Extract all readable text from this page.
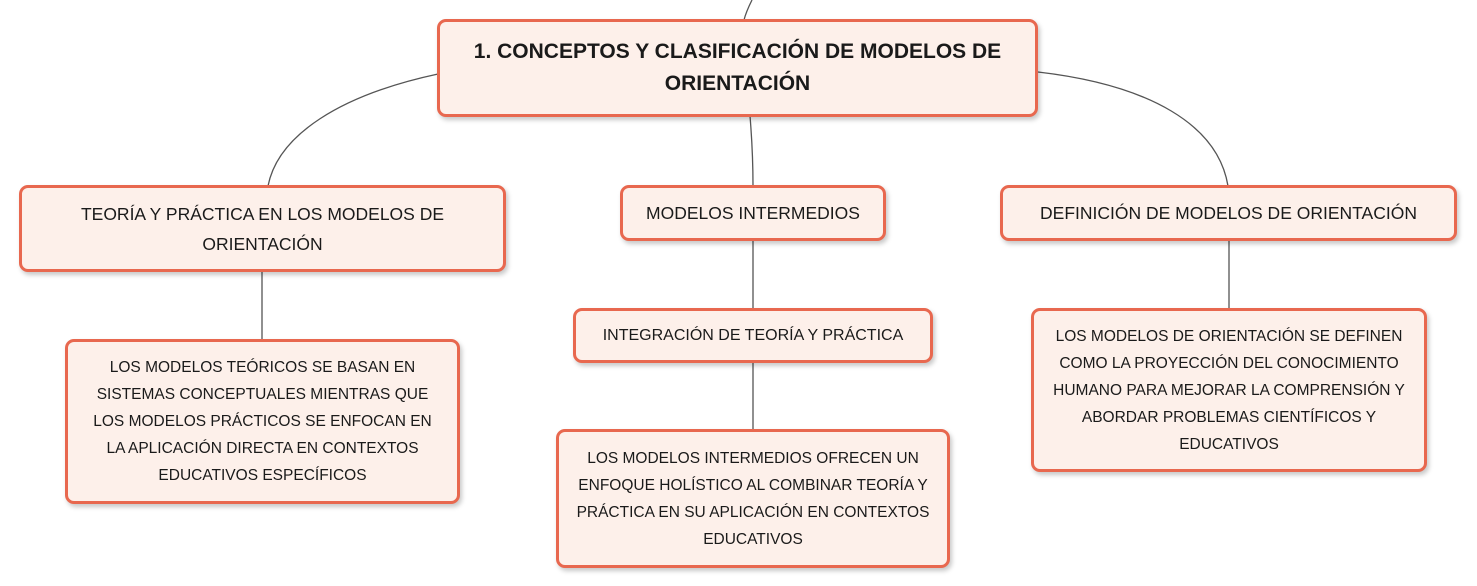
1. CONCEPTOS Y CLASIFICACIÓN DE MODELOS DE ORIENTACIÓN
TEORÍA Y PRÁCTICA EN LOS MODELOS DE ORIENTACIÓN
MODELOS INTERMEDIOS	DEFINICIÓN DE MODELOS DE ORIENTACIÓN
LOS MODELOS TEÓRICOS SE BASAN EN SISTEMAS CONCEPTUALES MIENTRAS QUE LOS MODELOS PRÁCTICOS SE ENFOCAN EN LA APLICACIÓN DIRECTA EN CONTEXTOS EDUCATIVOS ESPECÍFICOS
INTEGRACIÓN DE TEORÍA Y PRÁCTICA
LOS MODELOS INTERMEDIOS OFRECEN UN ENFOQUE HOLÍSTICO AL COMBINAR TEORÍA Y PRÁCTICA EN SU APLICACIÓN EN CONTEXTOS EDUCATIVOS
LOS MODELOS DE ORIENTACIÓN SE DEFINEN COMO LA PROYECCIÓN DEL CONOCIMIENTO HUMANO PARA MEJORAR LA COMPRENSIÓN Y ABORDAR PROBLEMAS CIENTÍFICOS Y EDUCATIVOS
